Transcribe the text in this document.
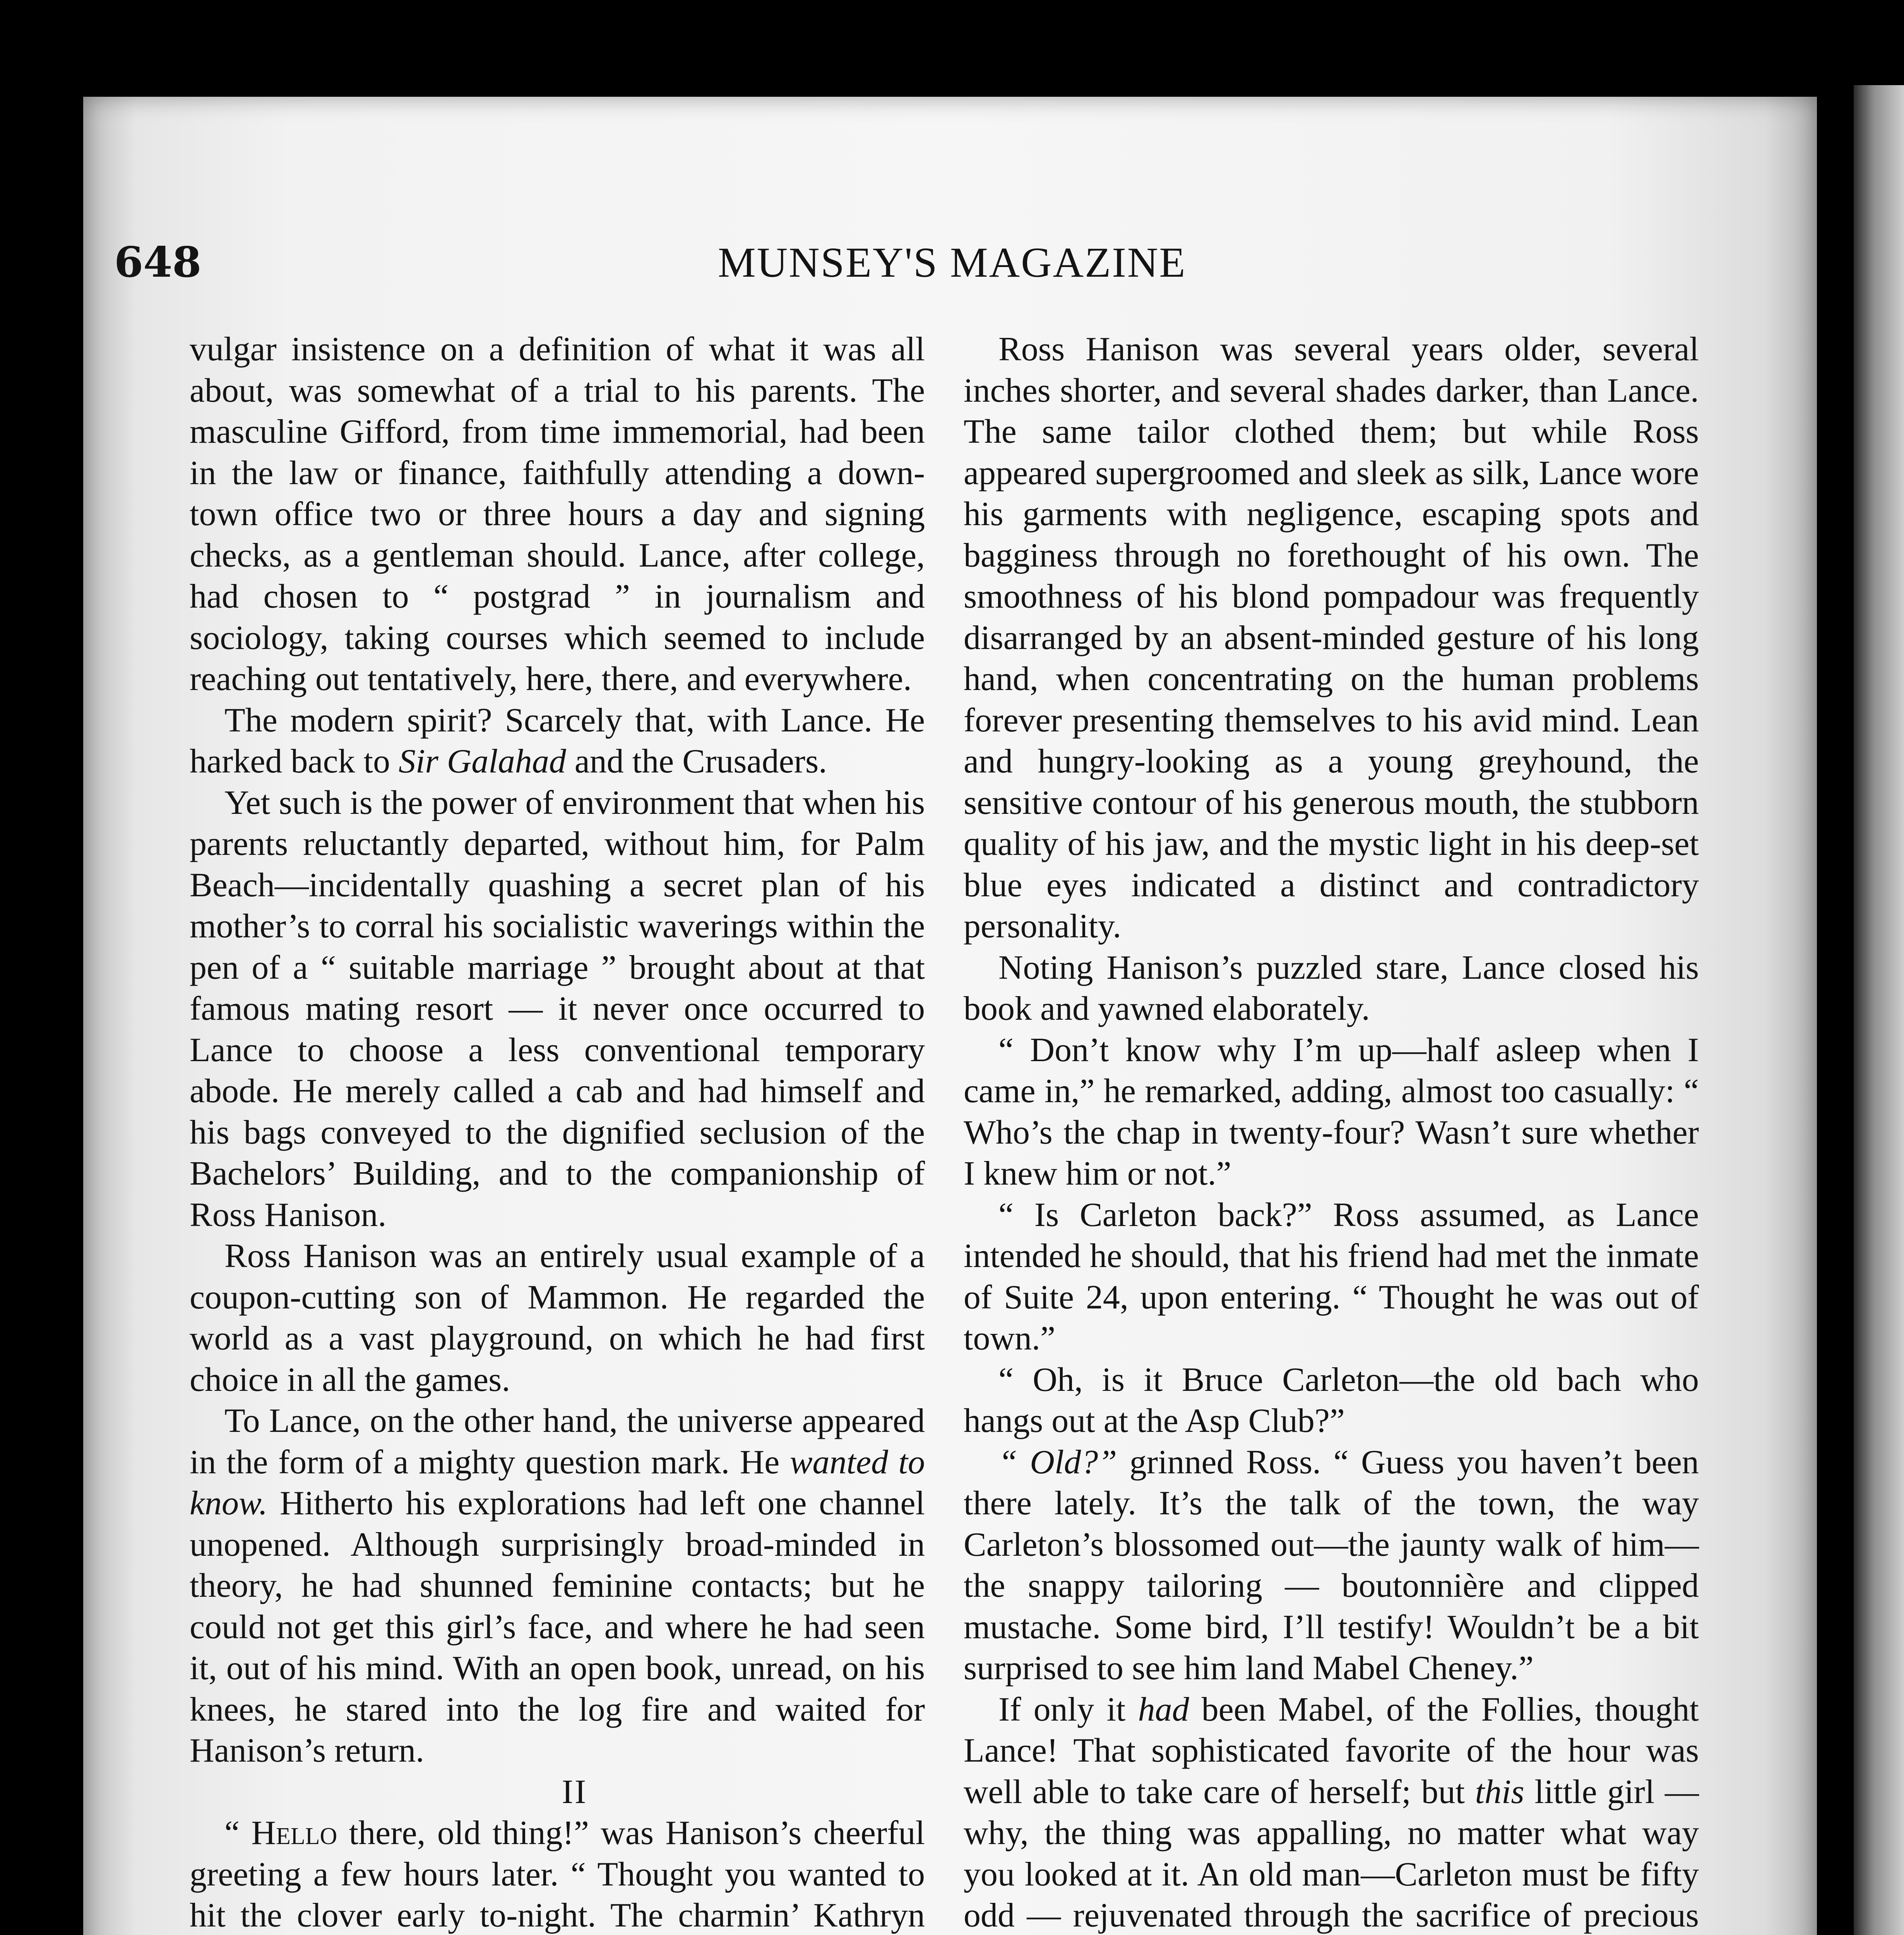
648	MUNSEY'S MAGAZINE

vulgar insistence on a definition of what it was all about, was somewhat of a trial to his parents. The masculine Gifford, from time immemorial, had been in the law or finance, faithfully attending a down-town office two or three hours a day and signing checks, as a gentleman should. Lance, after college, had chosen to “ postgrad ” in journalism and sociology, taking courses which seemed to include reaching out tentatively, here, there, and everywhere.

The modern spirit? Scarcely that, with Lance. He harked back to Sir Galahad and the Crusaders.

Yet such is the power of environment that when his parents reluctantly departed, without him, for Palm Beach—incidentally quashing a secret plan of his mother’s to corral his socialistic waverings within the pen of a “ suitable marriage ” brought about at that famous mating resort — it never once occurred to Lance to choose a less conventional temporary abode. He merely called a cab and had himself and his bags conveyed to the dignified seclusion of the Bachelors’ Building, and to the companionship of Ross Hanison.

Ross Hanison was an entirely usual example of a coupon-cutting son of Mammon. He regarded the world as a vast playground, on which he had first choice in all the games.

To Lance, on the other hand, the universe appeared in the form of a mighty question mark. He wanted to know. Hitherto his explorations had left one channel unopened. Although surprisingly broad-minded in theory, he had shunned feminine contacts; but he could not get this girl’s face, and where he had seen it, out of his mind. With an open book, unread, on his knees, he stared into the log fire and waited for Hanison’s return.

II

“ Hello there, old thing!” was Hanison’s cheerful greeting a few hours later. “ Thought you wanted to hit the clover early to-night. The charmin’ Kathryn

Ross Hanison was several years older, several inches shorter, and several shades darker, than Lance. The same tailor clothed them; but while Ross appeared supergroomed and sleek as silk, Lance wore his garments with negligence, escaping spots and bagginess through no forethought of his own. The smoothness of his blond pompadour was frequently disarranged by an absent-minded gesture of his long hand, when concentrating on the human problems forever presenting themselves to his avid mind. Lean and hungry-looking as a young greyhound, the sensitive contour of his generous mouth, the stubborn quality of his jaw, and the mystic light in his deep-set blue eyes indicated a distinct and contradictory personality.

Noting Hanison’s puzzled stare, Lance closed his book and yawned elaborately.

“ Don’t know why I’m up—half asleep when I came in,” he remarked, adding, almost too casually: “ Who’s the chap in twenty-four? Wasn’t sure whether I knew him or not.”

“ Is Carleton back?” Ross assumed, as Lance intended he should, that his friend had met the inmate of Suite 24, upon entering. “ Thought he was out of town.”

“ Oh, is it Bruce Carleton—the old bach who hangs out at the Asp Club?”

“ Old?” grinned Ross. “ Guess you haven’t been there lately. It’s the talk of the town, the way Carleton’s blossomed out—the jaunty walk of him—the snappy tailoring — boutonnière and clipped mustache. Some bird, I’ll testify! Wouldn’t be a bit surprised to see him land Mabel Cheney.”

If only it had been Mabel, of the Follies, thought Lance! That sophisticated favorite of the hour was well able to take care of herself; but this little girl — why, the thing was appalling, no matter what way you looked at it. An old man—Carleton must be fifty odd — rejuvenated through the sacrifice of precious
